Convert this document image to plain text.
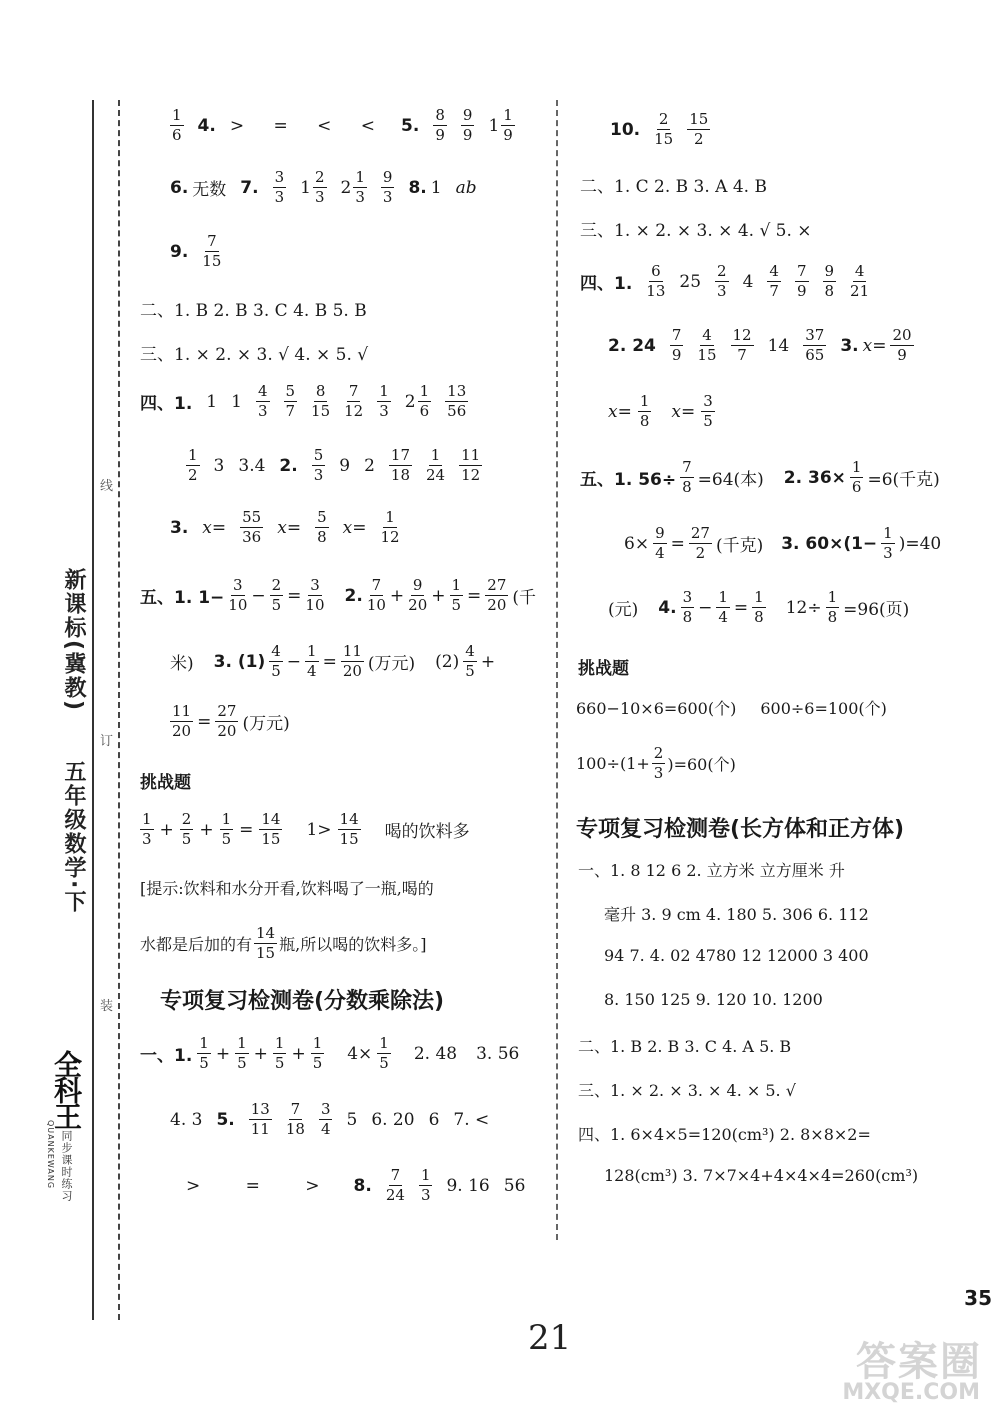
新课标(冀教)
五年级数学·下
线
订
装
全科王
同步课时练习
QUANKEWANG
$\frac{1}{6} 4$. > = < < 5. $\frac{8}{9} \frac{9}{9} 1 \frac{1}{9}$
6. 无数 7. $\frac{3}{3} 1 \frac{2}{3} 2 \frac{1}{3} \frac{9}{3} 8$. 1 ab
9. $\frac{7}{15}$
二、1. B 2. B 3. C 4. B 5. B
三、1. × 2. × 3. √ 4. × 5. √
四、1. 1 $1 \frac{4}{3} \frac{5}{7} \frac{8}{15} \frac{7}{12} \frac{1}{3} 2 \frac{1}{6} \frac{13}{56}$
$\frac{1}{2} 3$ 3.4 2. $\frac{5}{3} 9$ $2 \frac{17}{18} \frac{1}{24} \frac{11}{12}$
3. $x= \frac{55}{36} x= \frac{5}{8} x= \frac{1}{12}$
五、1. $1- \frac{3}{10} - \frac{2}{5} = \frac{3}{10} 2$. $\frac{7}{10} + \frac{9}{20} + \frac{1}{5} = \frac{27}{20}$ (千
米) 3. $(1) \frac{4}{5} - \frac{1}{4} = \frac{11}{20}$ (万元) $(2) \frac{4}{5}$ +
$\frac{11}{20} = \frac{27}{20}$ (万元)
挑战题
$\frac{1}{3} + \frac{2}{5} + \frac{1}{5} = \frac{14}{15} 1> \frac{14}{15}$ 喝的饮料多
[提示:饮料和水分开看,饮料喝了一瓶,喝的
水都是后加的有 $\frac{14}{15}$ 瓶,所以喝的饮料多。]
专项复习检测卷(分数乘除法)
一、1. $\frac{1}{5} + \frac{1}{5} + \frac{1}{5} + \frac{1}{5} 4\times \frac{1}{5} 2$. 48 3. 56
4. 3 5. $\frac{13}{11} \frac{7}{18} \frac{3}{4} 5$ 6. 20 6 7. <
> = > 8. $\frac{7}{24} \frac{1}{3} 9$. 16 56
10. $\frac{2}{15} \frac{15}{2}$
二、1. C 2. B 3. A 4. B
三、1. × 2. × 3. × 4. √ 5. ×
四、1. $\frac{6}{13} 25 \frac{2}{3} 4 \frac{4}{7} \frac{7}{9} \frac{9}{8} \frac{4}{21}$
2. $24 \frac{7}{9} \frac{4}{15} \frac{12}{7} 14 \frac{37}{65} 3$. $x= \frac{20}{9}$
$x= \frac{1}{8} x= \frac{3}{5}$
五、1. $56\div \frac{7}{8} =64$(本) 2. $36\times \frac{1}{6} =6$(千克)
$6\times \frac{9}{4} = \frac{27}{2}$ (千克) 3. $60\times(1- \frac{1}{3} )=40$
(元) 4. $\frac{3}{8} - \frac{1}{4} = \frac{1}{8} 12\div \frac{1}{8} =96$(页)
挑战题
660−10×6=600(个) 600÷6=100(个)
$100\div(1+ \frac{2}{3} )=60$(个)
专项复习检测卷(长方体和正方体)
一、1. 8 12 6 2. 立方米 立方厘米 升
毫升 3. 9 cm 4. 180 5. 306 6. 112
94 7. 4. 02 4780 12 12000 3 400
8. 150 125 9. 120 10. 1200
二、1. B 2. B 3. C 4. A 5. B
三、1. × 2. × 3. × 4. × 5. √
四、1. 6×4×5=120(cm³) 2. 8×8×2=
128(cm³) 3. 7×7×4+4×4×4=260(cm³)
35
21
答案圈
MXQE.COM
